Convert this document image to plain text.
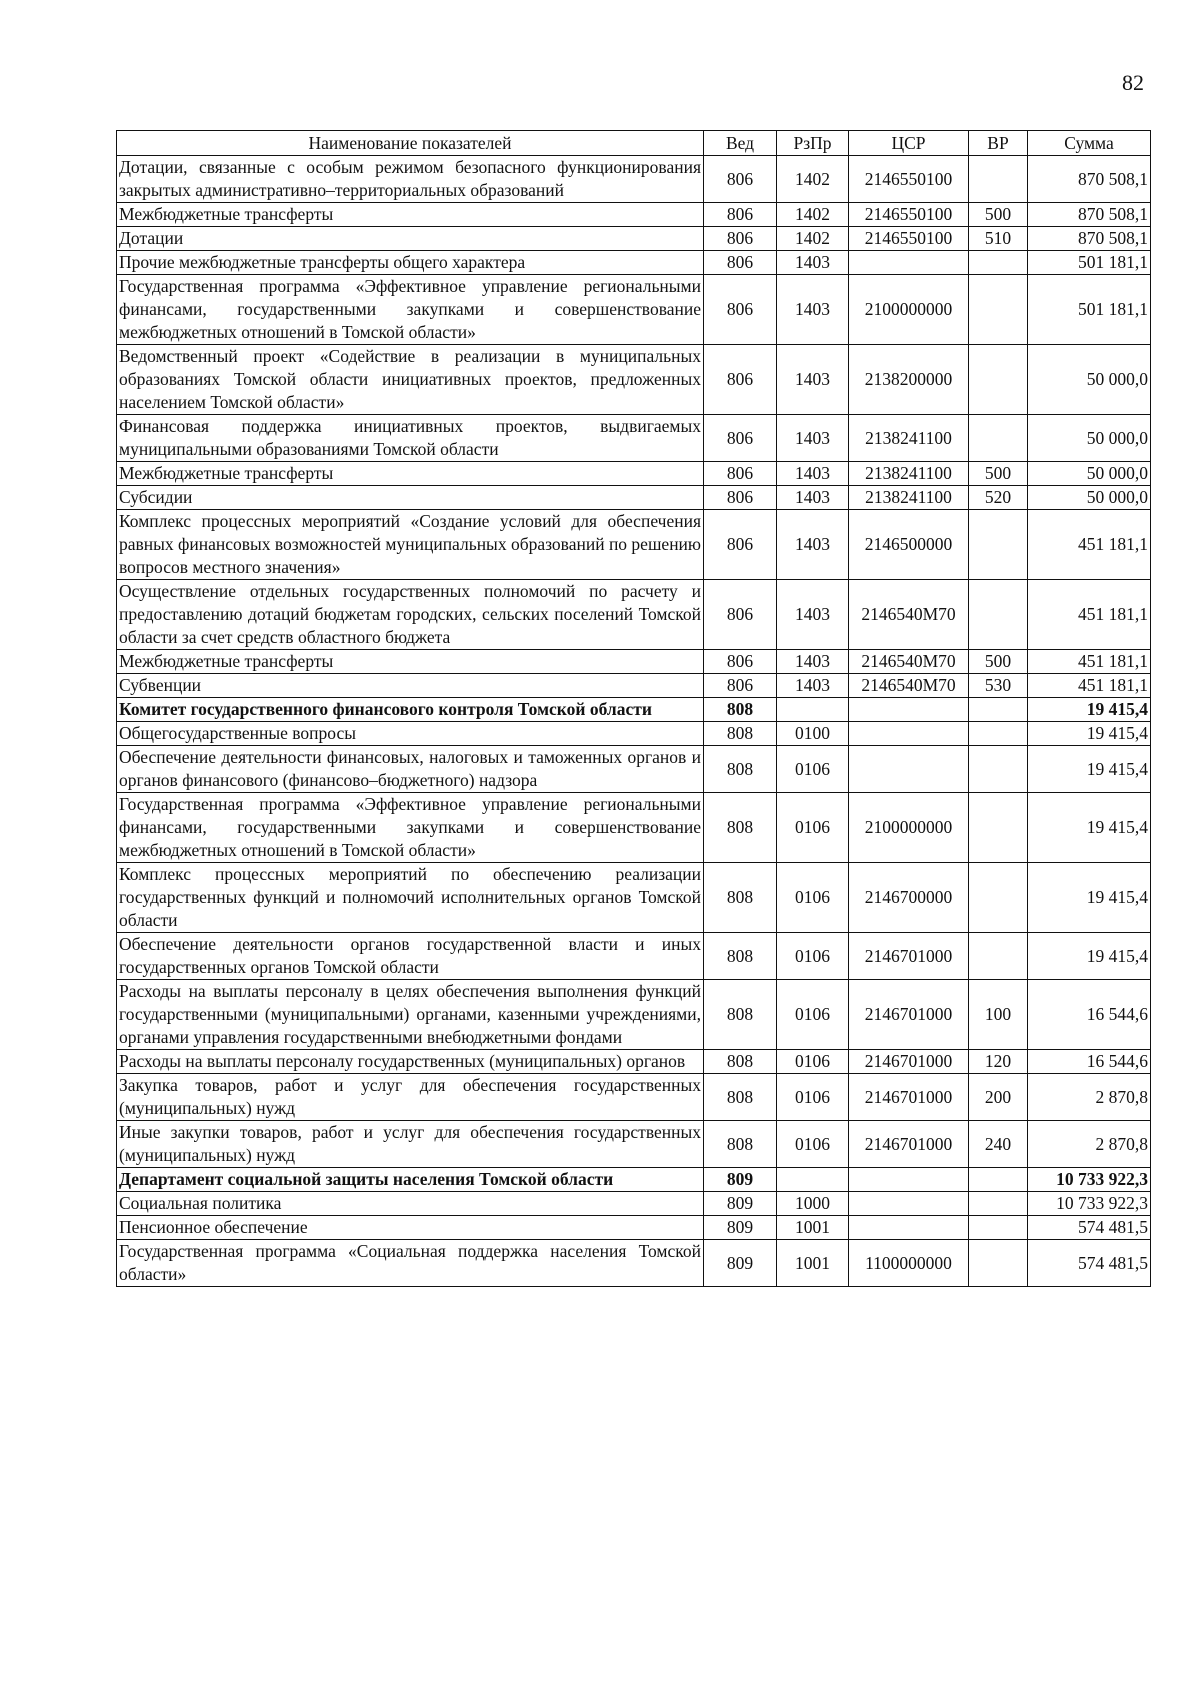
82
Наименование показателей	Вед	РзПр	ЦСР	ВР	Сумма
Дотации, связанные с особым режимом безопасного функционирования закрытых административно–территориальных образований	806	1402	2146550100		870 508,1
Межбюджетные трансферты	806	1402	2146550100	500	870 508,1
Дотации	806	1402	2146550100	510	870 508,1
Прочие межбюджетные трансферты общего характера	806	1403			501 181,1
Государственная программа «Эффективное управление региональными финансами, государственными закупками и совершенствование межбюджетных отношений в Томской области»	806	1403	2100000000		501 181,1
Ведомственный проект «Содействие в реализации в муниципальных образованиях Томской области инициативных проектов, предложенных населением Томской области»	806	1403	2138200000		50 000,0
Финансовая поддержка инициативных проектов, выдвигаемых муниципальными образованиями Томской области	806	1403	2138241100		50 000,0
Межбюджетные трансферты	806	1403	2138241100	500	50 000,0
Субсидии	806	1403	2138241100	520	50 000,0
Комплекс процессных мероприятий «Создание условий для обеспечения равных финансовых возможностей муниципальных образований по решению вопросов местного значения»	806	1403	2146500000		451 181,1
Осуществление отдельных государственных полномочий по расчету и предоставлению дотаций бюджетам городских, сельских поселений Томской области за счет средств областного бюджета	806	1403	2146540М70		451 181,1
Межбюджетные трансферты	806	1403	2146540М70	500	451 181,1
Субвенции	806	1403	2146540М70	530	451 181,1
Комитет государственного финансового контроля Томской области	808				19 415,4
Общегосударственные вопросы	808	0100			19 415,4
Обеспечение деятельности финансовых, налоговых и таможенных органов и органов финансового (финансово–бюджетного) надзора	808	0106			19 415,4
Государственная программа «Эффективное управление региональными финансами, государственными закупками и совершенствование межбюджетных отношений в Томской области»	808	0106	2100000000		19 415,4
Комплекс процессных мероприятий по обеспечению реализации государственных функций и полномочий исполнительных органов Томской области	808	0106	2146700000		19 415,4
Обеспечение деятельности органов государственной власти и иных государственных органов Томской области	808	0106	2146701000		19 415,4
Расходы на выплаты персоналу в целях обеспечения выполнения функций государственными (муниципальными) органами, казенными учреждениями, органами управления государственными внебюджетными фондами	808	0106	2146701000	100	16 544,6
Расходы на выплаты персоналу государственных (муниципальных) органов	808	0106	2146701000	120	16 544,6
Закупка товаров, работ и услуг для обеспечения государственных (муниципальных) нужд	808	0106	2146701000	200	2 870,8
Иные закупки товаров, работ и услуг для обеспечения государственных (муниципальных) нужд	808	0106	2146701000	240	2 870,8
Департамент социальной защиты населения Томской области	809				10 733 922,3
Социальная политика	809	1000			10 733 922,3
Пенсионное обеспечение	809	1001			574 481,5
Государственная программа «Социальная поддержка населения Томской области»	809	1001	1100000000		574 481,5
